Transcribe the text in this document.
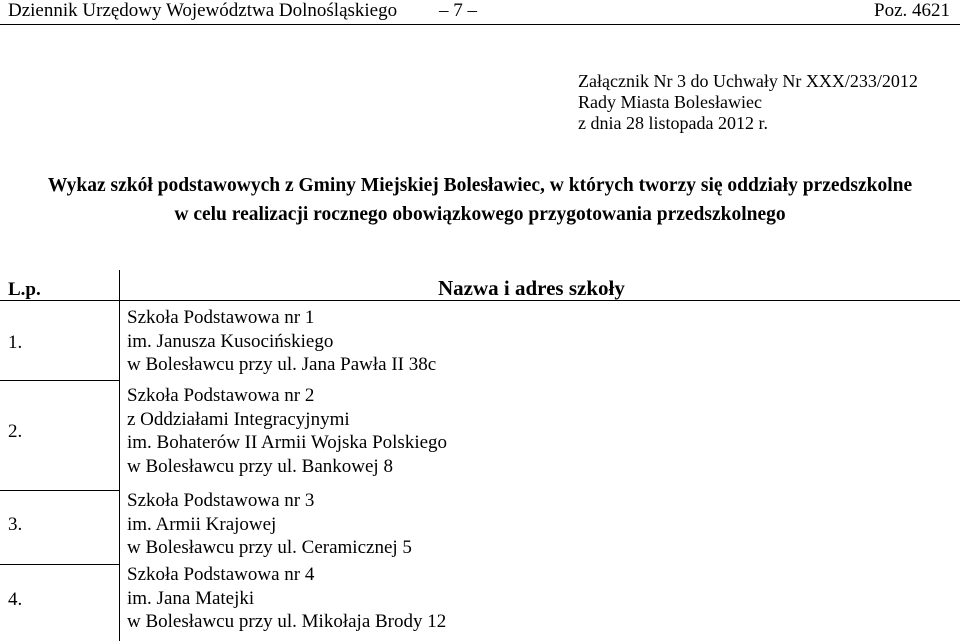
Dziennik Urzędowy Województwa Dolnośląskiego – 7 –	Poz. 4621
Załącznik Nr 3 do Uchwały Nr XXX/233/2012
Rady Miasta Bolesławiec
z dnia 28 listopada 2012 r.
Wykaz szkół podstawowych z Gminy Miejskiej Bolesławiec, w których tworzy się oddziały przedszkolne
w celu realizacji rocznego obowiązkowego przygotowania przedszkolnego
L.p.	Nazwa i adres szkoły
1.
Szkoła Podstawowa nr 1
im. Janusza Kusocińskiego
w Bolesławcu przy ul. Jana Pawła II 38c
2.
Szkoła Podstawowa nr 2
z Oddziałami Integracyjnymi
im. Bohaterów II Armii Wojska Polskiego
w Bolesławcu przy ul. Bankowej 8
3.
Szkoła Podstawowa nr 3
im. Armii Krajowej
w Bolesławcu przy ul. Ceramicznej 5
4.
Szkoła Podstawowa nr 4
im. Jana Matejki
w Bolesławcu przy ul. Mikołaja Brody 12
